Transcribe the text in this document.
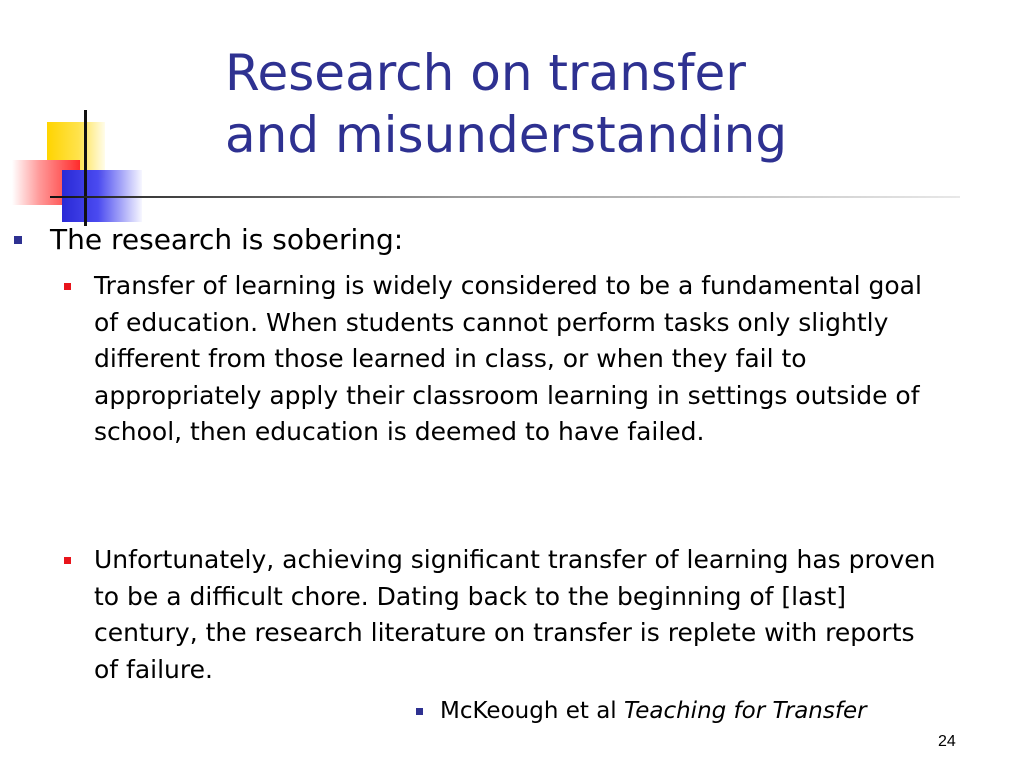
Research on transfer
and misunderstanding
The research is sobering:
Transfer of learning is widely considered to be a fundamental goal of education. When students cannot perform tasks only slightly different from those learned in class, or when they fail to appropriately apply their classroom learning in settings outside of school, then education is deemed to have failed.
Unfortunately, achieving significant transfer of learning has proven to be a difficult chore. Dating back to the beginning of [last] century, the research literature on transfer is replete with reports of failure.
McKeough et al Teaching for Transfer
24
